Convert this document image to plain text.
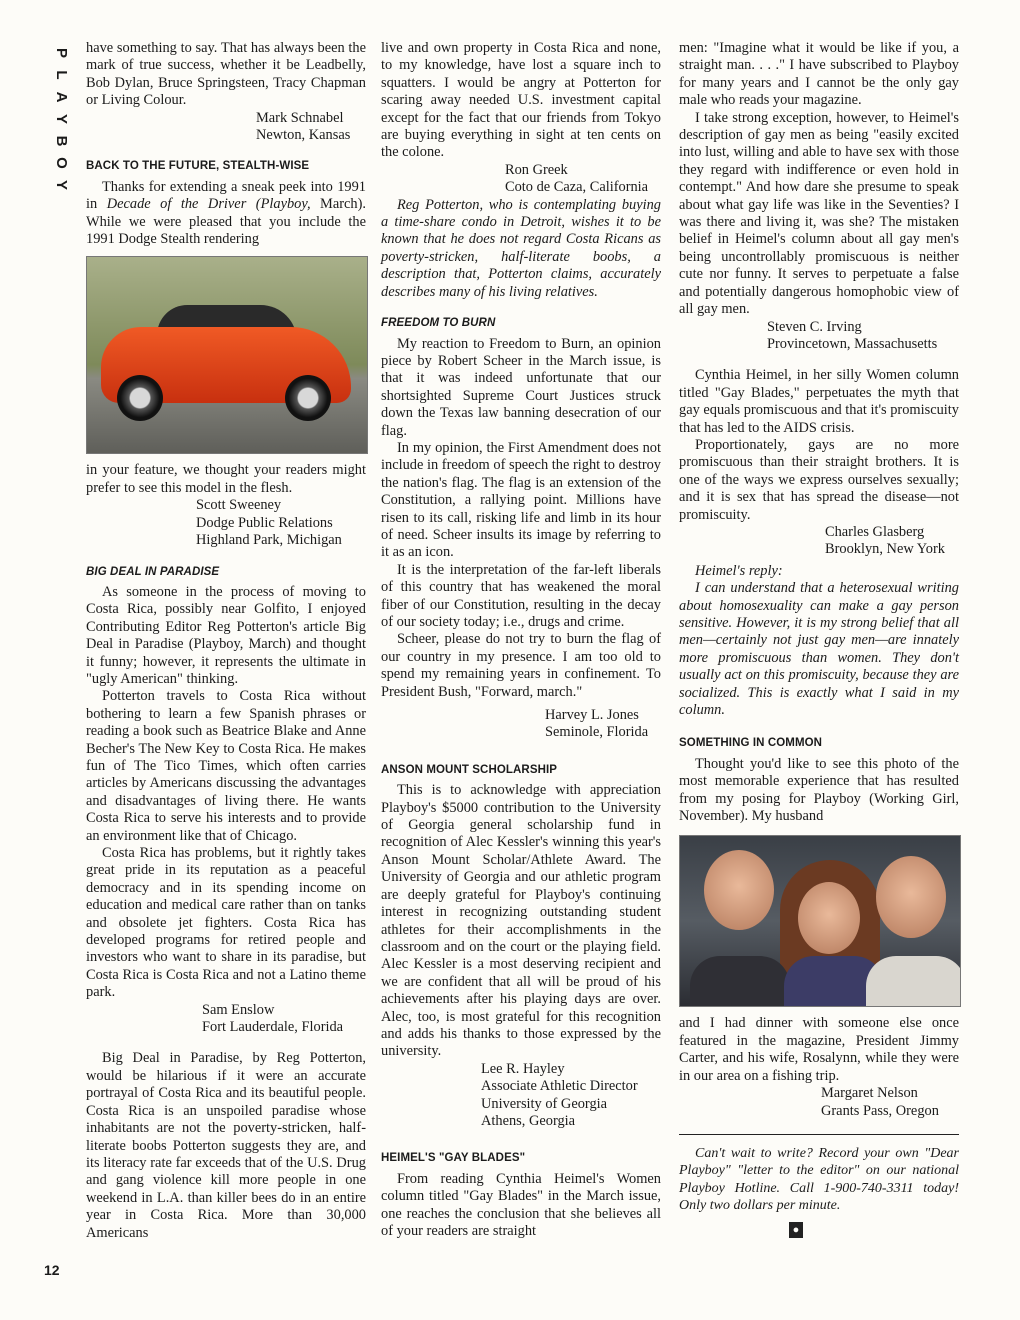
P
L
A
Y
B
O
Y
12

have something to say. That has always been the mark of true success, whether it be Leadbelly, Bob Dylan, Bruce Springsteen, Tracy Chapman or Living Colour.

Mark Schnabel
Newton, Kansas
BACK TO THE FUTURE, STEALTH-WISE

Thanks for extending a sneak peek into 1991 in Decade of the Driver (Playboy, March). While we were pleased that you include the 1991 Dodge Stealth rendering

in your feature, we thought your readers might prefer to see this model in the flesh.

Scott Sweeney
Dodge Public Relations
Highland Park, Michigan
BIG DEAL IN PARADISE

As someone in the process of moving to Costa Rica, possibly near Golfito, I enjoyed Contributing Editor Reg Potterton's article Big Deal in Paradise (Playboy, March) and thought it funny; however, it represents the ultimate in "ugly American" thinking.

Potterton travels to Costa Rica without bothering to learn a few Spanish phrases or reading a book such as Beatrice Blake and Anne Becher's The New Key to Costa Rica. He makes fun of The Tico Times, which often carries articles by Americans discussing the advantages and disadvantages of living there. He wants Costa Rica to serve his interests and to provide an environment like that of Chicago.

Costa Rica has problems, but it rightly takes great pride in its reputation as a peaceful democracy and in its spending income on education and medical care rather than on tanks and obsolete jet fighters. Costa Rica has developed programs for retired people and investors who want to share in its paradise, but Costa Rica is Costa Rica and not a Latino theme park.

Sam Enslow
Fort Lauderdale, Florida

Big Deal in Paradise, by Reg Potterton, would be hilarious if it were an accurate portrayal of Costa Rica and its beautiful people. Costa Rica is an unspoiled paradise whose inhabitants are not the poverty-stricken, half-literate boobs Potterton suggests they are, and its literacy rate far exceeds that of the U.S. Drug and gang violence kill more people in one weekend in L.A. than killer bees do in an entire year in Costa Rica. More than 30,000 Americans

live and own property in Costa Rica and none, to my knowledge, have lost a square inch to squatters. I would be angry at Potterton for scaring away needed U.S. investment capital except for the fact that our friends from Tokyo are buying everything in sight at ten cents on the colone.

Ron Greek
Coto de Caza, California

Reg Potterton, who is contemplating buying a time-share condo in Detroit, wishes it to be known that he does not regard Costa Ricans as poverty-stricken, half-literate boobs, a description that, Potterton claims, accurately describes many of his living relatives.

FREEDOM TO BURN

My reaction to Freedom to Burn, an opinion piece by Robert Scheer in the March issue, is that it was indeed unfortunate that our shortsighted Supreme Court Justices struck down the Texas law banning desecration of our flag.

In my opinion, the First Amendment does not include in freedom of speech the right to destroy the nation's flag. The flag is an extension of the Constitution, a rallying point. Millions have risen to its call, risking life and limb in its hour of need. Scheer insults its image by referring to it as an icon.

It is the interpretation of the far-left liberals of this country that has weakened the moral fiber of our Constitution, resulting in the decay of our society today; i.e., drugs and crime.

Scheer, please do not try to burn the flag of our country in my presence. I am too old to spend my remaining years in confinement. To President Bush, "Forward, march."

Harvey L. Jones
Seminole, Florida
ANSON MOUNT SCHOLARSHIP

This is to acknowledge with appreciation Playboy's $5000 contribution to the University of Georgia general scholarship fund in recognition of Alec Kessler's winning this year's Anson Mount Scholar/Athlete Award. The University of Georgia and our athletic program are deeply grateful for Playboy's continuing interest in recognizing outstanding student athletes for their accomplishments in the classroom and on the court or the playing field. Alec Kessler is a most deserving recipient and we are confident that all will be proud of his achievements after his playing days are over. Alec, too, is most grateful for this recognition and adds his thanks to those expressed by the university.

Lee R. Hayley
Associate Athletic Director
University of Georgia
Athens, Georgia
HEIMEL'S "GAY BLADES"

From reading Cynthia Heimel's Women column titled "Gay Blades" in the March issue, one reaches the conclusion that she believes all of your readers are straight

men: "Imagine what it would be like if you, a straight man. . . ." I have subscribed to Playboy for many years and I cannot be the only gay male who reads your magazine.

I take strong exception, however, to Heimel's description of gay men as being "easily excited into lust, willing and able to have sex with those they regard with indifference or even hold in contempt." And how dare she presume to speak about what gay life was like in the Seventies? I was there and living it, was she? The mistaken belief in Heimel's column about all gay men's being uncontrollably promiscuous is neither cute nor funny. It serves to perpetuate a false and potentially dangerous homophobic view of all gay men.

Steven C. Irving
Provincetown, Massachusetts

Cynthia Heimel, in her silly Women column titled "Gay Blades," perpetuates the myth that gay equals promiscuous and that it's promiscuity that has led to the AIDS crisis.

Proportionately, gays are no more promiscuous than their straight brothers. It is one of the ways we express ourselves sexually; and it is sex that has spread the disease—not promiscuity.

Charles Glasberg
Brooklyn, New York

Heimel's reply:

I can understand that a heterosexual writing about homosexuality can make a gay person sensitive. However, it is my strong belief that all men—certainly not just gay men—are innately more promiscuous than women. They don't usually act on this promiscuity, because they are socialized. This is exactly what I said in my column.

SOMETHING IN COMMON

Thought you'd like to see this photo of the most memorable experience that has resulted from my posing for Playboy (Working Girl, November). My husband

and I had dinner with someone else once featured in the magazine, President Jimmy Carter, and his wife, Rosalynn, while they were in our area on a fishing trip.

Margaret Nelson
Grants Pass, Oregon

Can't wait to write? Record your own "Dear Playboy" "letter to the editor" on our national Playboy Hotline. Call 1-900-740-3311 today! Only two dollars per minute.

●
